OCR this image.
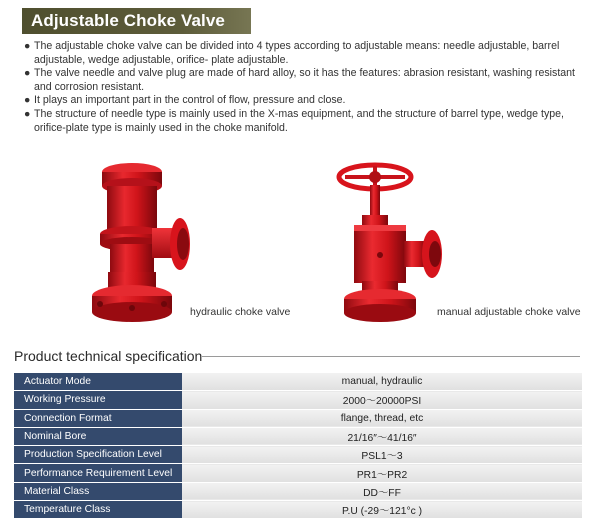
Adjustable Choke Valve
● The adjustable choke valve can be divided into 4 types according to adjustable means: needle adjustable, barrel adjustable, wedge adjustable, orifice- plate adjustable.
● The valve needle and valve plug are made of hard alloy, so it has the features: abrasion resistant, washing resistant and corrosion resistant.
● It plays an important part in the control of flow, pressure and close.
● The structure of needle type is mainly used in the X-mas equipment, and the structure of barrel type, wedge type, orifice-plate type is mainly used in the choke manifold.
hydraulic choke valve	manual adjustable choke valve
Product technical specification
Actuator Mode	manual, hydraulic
Working Pressure	2000～20000PSI
Connection Format	flange, thread, etc
Nominal Bore	21/16″～41/16″
Production Specification Level	PSL1～3
Performance Requirement Level	PR1～PR2
Material Class	DD～FF
Temperature Class	P.U (-29～121°c )
